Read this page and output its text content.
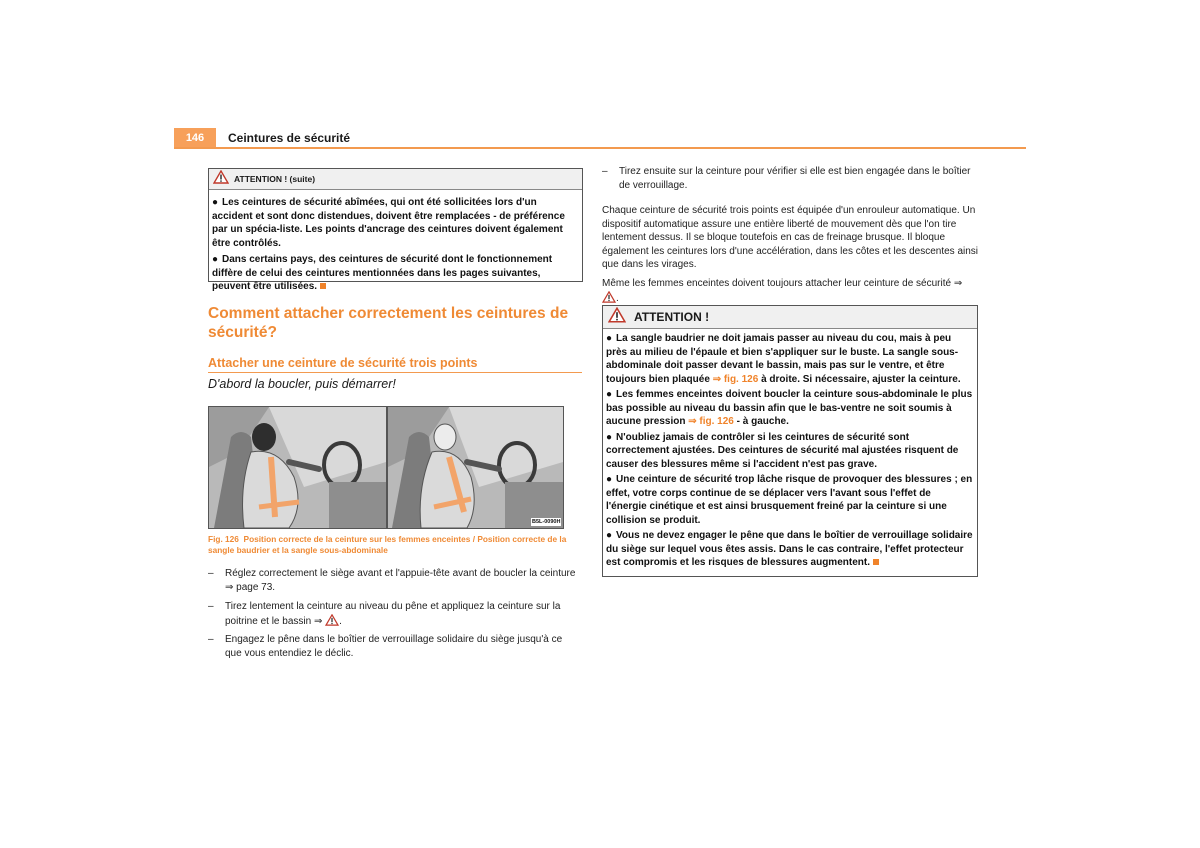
146	Ceintures de sécurité
ATTENTION ! (suite)

● Les ceintures de sécurité abîmées, qui ont été sollicitées lors d'un accident et sont donc distendues, doivent être remplacées - de préférence par un spécia-liste. Les points d'ancrage des ceintures doivent également être contrôlés.

● Dans certains pays, des ceintures de sécurité dont le fonctionnement diffère de celui des ceintures mentionnées dans les pages suivantes, peuvent être utilisées.

Comment attacher correctement les ceintures de sécurité?
Attacher une ceinture de sécurité trois points
D'abord la boucler, puis démarrer!
B5L-0090H
Fig. 126 Position correcte de la ceinture sur les femmes enceintes / Position correcte de la sangle baudrier et la sangle sous-abdominale
– Réglez correctement le siège avant et l'appuie-tête avant de boucler la ceinture
⇒ page 73.
– Tirez lentement la ceinture au niveau du pêne et appliquez la ceinture sur la poitrine et le bassin ⇒ .
– Engagez le pêne dans le boîtier de verrouillage solidaire du siège jusqu'à ce que vous entendiez le déclic.
– Tirez ensuite sur la ceinture pour vérifier si elle est bien engagée dans le boîtier de verrouillage.
Chaque ceinture de sécurité trois points est équipée d'un enrouleur automatique. Un dispositif automatique assure une entière liberté de mouvement dès que l'on tire lentement dessus. Il se bloque toutefois en cas de freinage brusque. Il bloque également les ceintures lors d'une accélération, dans les côtes et les descentes ainsi que dans les virages.
Même les femmes enceintes doivent toujours attacher leur ceinture de sécurité ⇒ .
ATTENTION !

● La sangle baudrier ne doit jamais passer au niveau du cou, mais à peu près au milieu de l'épaule et bien s'appliquer sur le buste. La sangle sous-abdominale doit passer devant le bassin, mais pas sur le ventre, et être toujours bien plaquée ⇒ fig. 126 à droite. Si nécessaire, ajuster la ceinture.

● Les femmes enceintes doivent boucler la ceinture sous-abdominale le plus bas possible au niveau du bassin afin que le bas-ventre ne soit soumis à aucune pression ⇒ fig. 126 - à gauche.

● N'oubliez jamais de contrôler si les ceintures de sécurité sont correctement ajustées. Des ceintures de sécurité mal ajustées risquent de causer des blessures même si l'accident n'est pas grave.

● Une ceinture de sécurité trop lâche risque de provoquer des blessures ; en effet, votre corps continue de se déplacer vers l'avant sous l'effet de l'énergie cinétique et est ainsi brusquement freiné par la ceinture si une collision se produit.

● Vous ne devez engager le pêne que dans le boîtier de verrouillage solidaire du siège sur lequel vous êtes assis. Dans le cas contraire, l'effet protecteur est compromis et les risques de blessures augmentent.
